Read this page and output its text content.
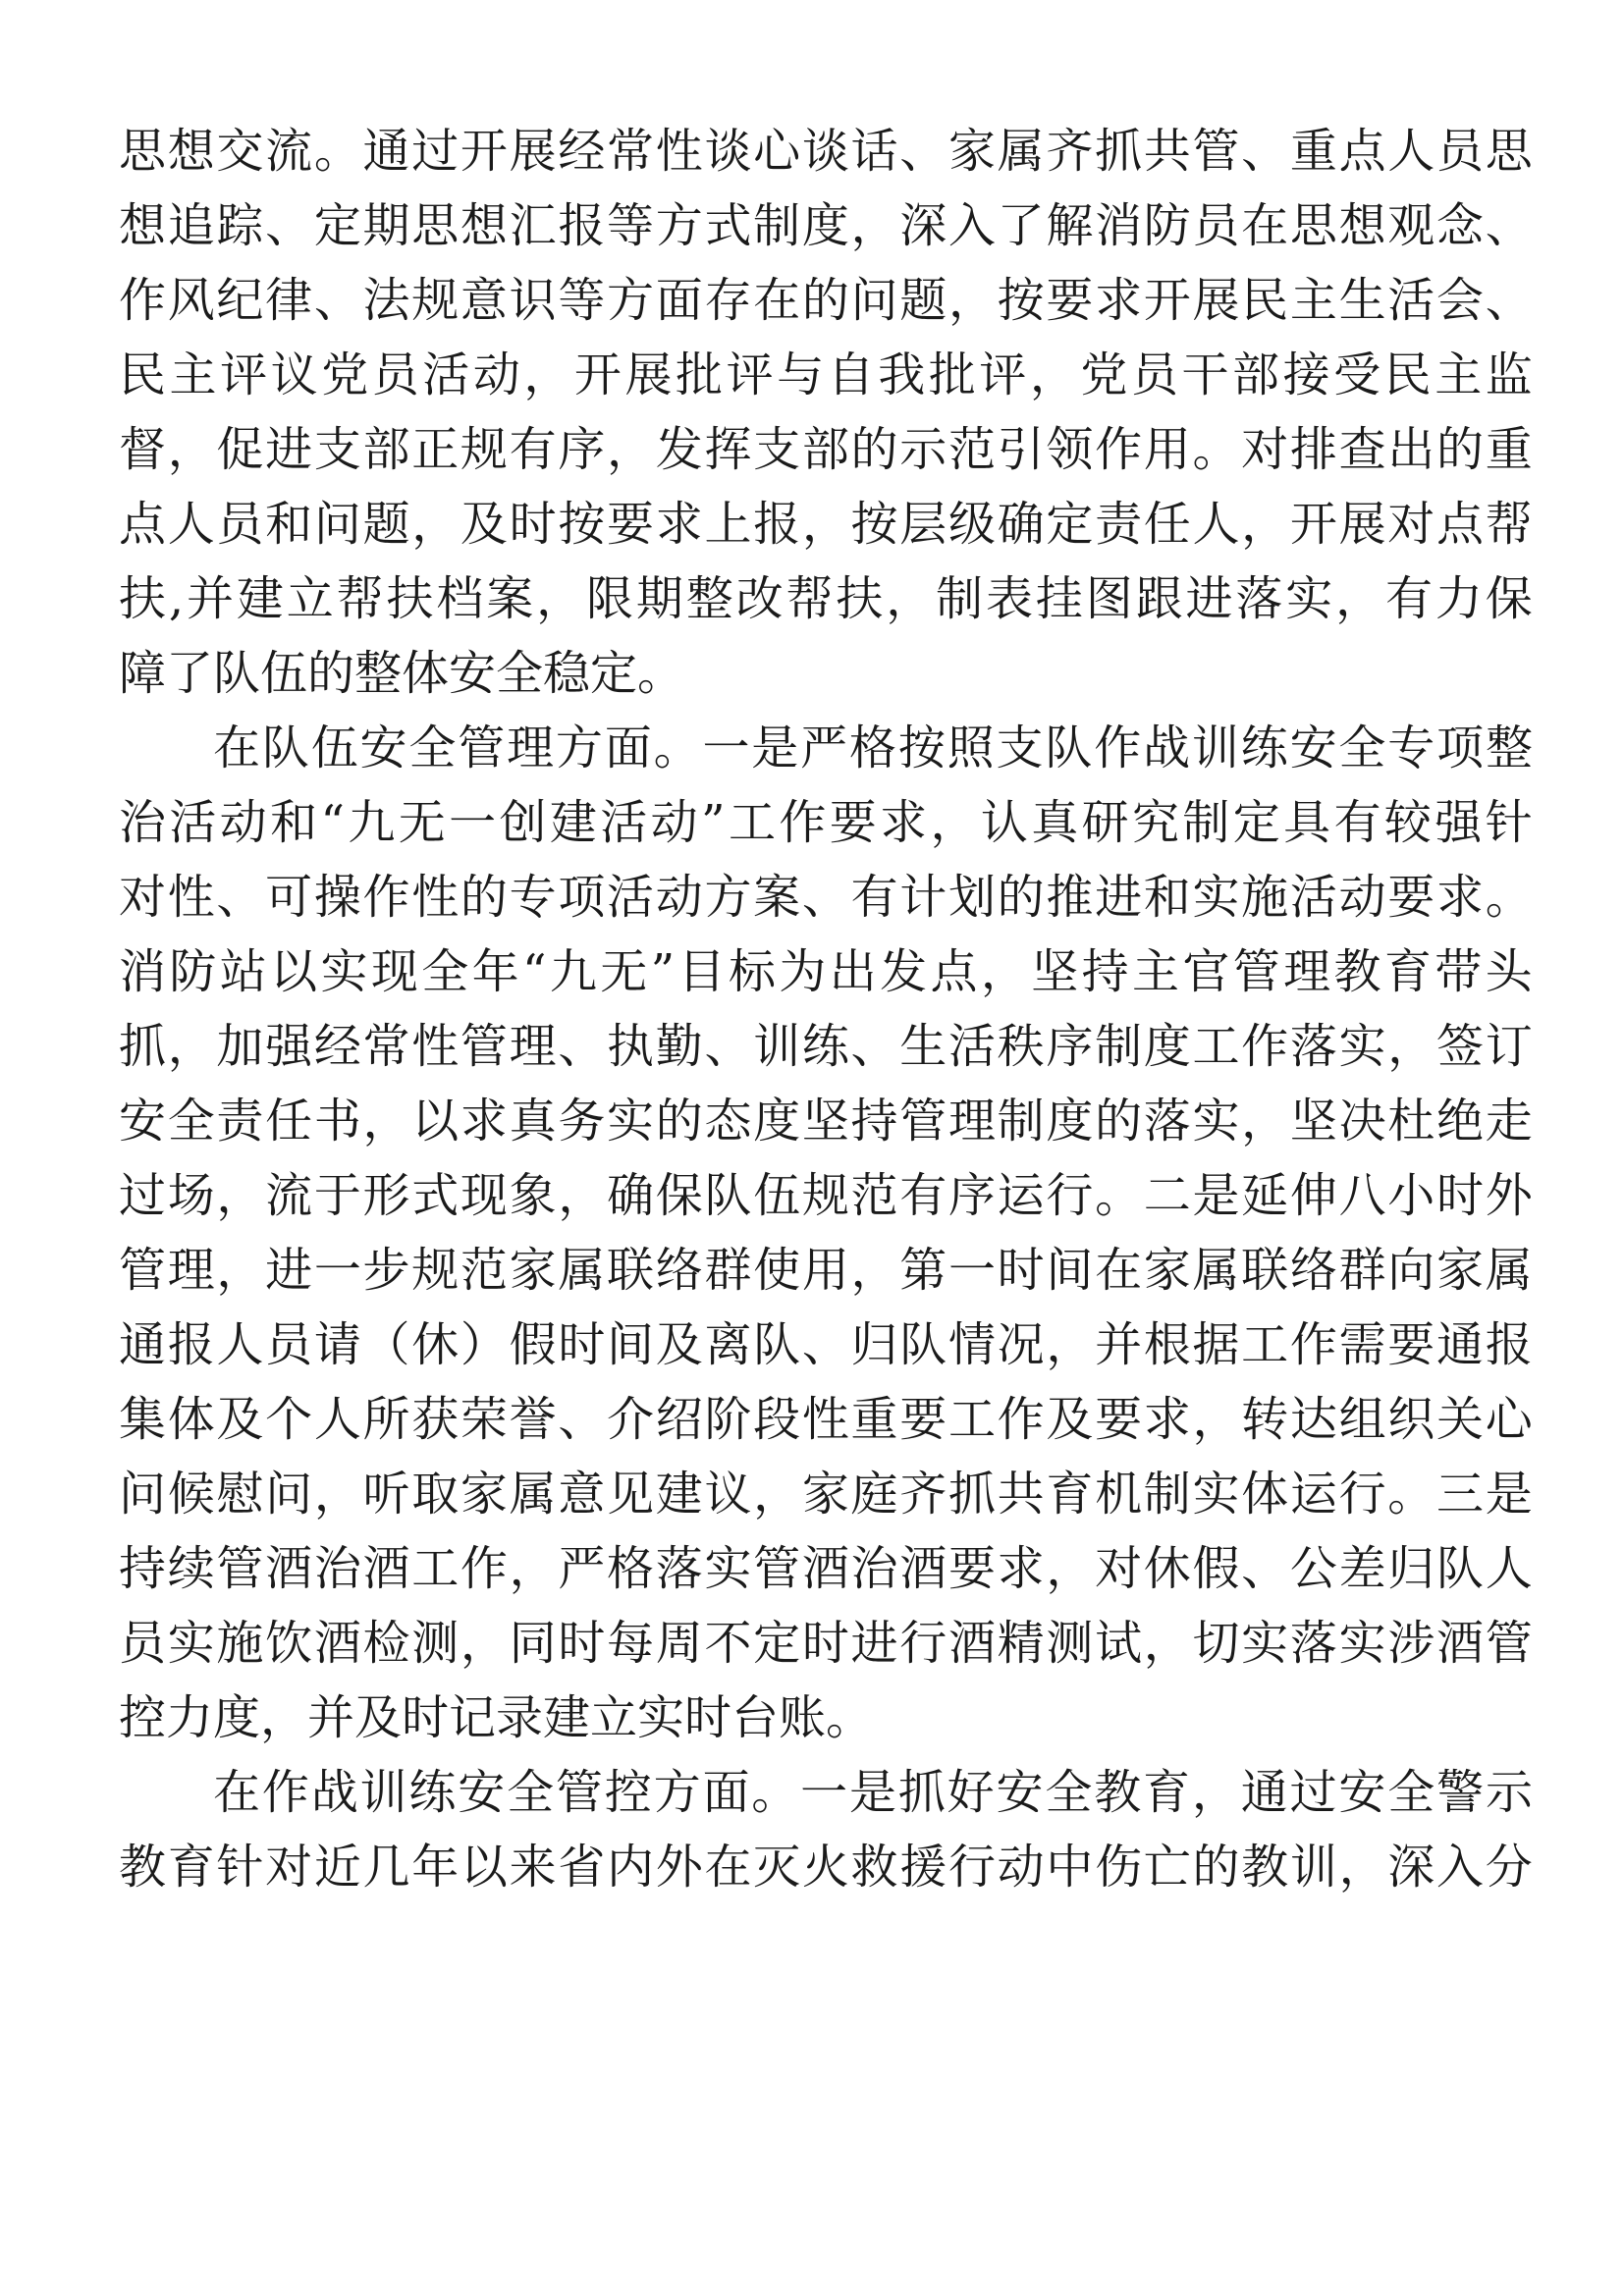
思 想 交 流 。 通 过 开 展 经 常 性 谈 心 谈 话 、 家 属 齐 抓 共 管 、 重 点 人 员 思
想 追 踪 、 定 期 思 想 汇 报 等 方 式 制 度 ， 深 入 了 解 消 防 员 在 思 想 观 念 、
作 风 纪 律 、 法 规 意 识 等 方 面 存 在 的 问 题 ， 按 要 求 开 展 民 主 生 活 会 、
民 主 评 议 党 员 活 动 ， 开 展 批 评 与 自 我 批 评 ， 党 员 干 部 接 受 民 主 监
督 ， 促 进 支 部 正 规 有 序 ， 发 挥 支 部 的 示 范 引 领 作 用 。 对 排 查 出 的 重
点 人 员 和 问 题 ， 及 时 按 要 求 上 报 ， 按 层 级 确 定 责 任 人 ， 开 展 对 点 帮
扶 , 并 建 立 帮 扶 档 案 ， 限 期 整 改 帮 扶 ， 制 表 挂 图 跟 进 落 实 ， 有 力 保
障了队伍的整体安全稳定。
在 队 伍 安 全 管 理 方 面 。 一 是 严 格 按 照 支 队 作 战 训 练 安 全 专 项 整
治 活 动 和 “ 九 无 一 创 建 活 动 ” 工 作 要 求 ， 认 真 研 究 制 定 具 有 较 强 针
对 性 、 可 操 作 性 的 专 项 活 动 方 案 、 有 计 划 的 推 进 和 实 施 活 动 要 求 。
消 防 站 以 实 现 全 年 “ 九 无 ” 目 标 为 出 发 点 ， 坚 持 主 官 管 理 教 育 带 头
抓 ， 加 强 经 常 性 管 理 、 执 勤 、 训 练 、 生 活 秩 序 制 度 工 作 落 实 ， 签 订
安 全 责 任 书 ， 以 求 真 务 实 的 态 度 坚 持 管 理 制 度 的 落 实 ， 坚 决 杜 绝 走
过 场 ， 流 于 形 式 现 象 ， 确 保 队 伍 规 范 有 序 运 行 。 二 是 延 伸 八 小 时 外
管 理 ， 进 一 步 规 范 家 属 联 络 群 使 用 ， 第 一 时 间 在 家 属 联 络 群 向 家 属
通 报 人 员 请 （ 休 ） 假 时 间 及 离 队 、 归 队 情 况 ， 并 根 据 工 作 需 要 通 报
集 体 及 个 人 所 获 荣 誉 、 介 绍 阶 段 性 重 要 工 作 及 要 求 ， 转 达 组 织 关 心
问 候 慰 问 ， 听 取 家 属 意 见 建 议 ， 家 庭 齐 抓 共 育 机 制 实 体 运 行 。 三 是
持 续 管 酒 治 酒 工 作 ， 严 格 落 实 管 酒 治 酒 要 求 ， 对 休 假 、 公 差 归 队 人
员 实 施 饮 酒 检 测 ， 同 时 每 周 不 定 时 进 行 酒 精 测 试 ， 切 实 落 实 涉 酒 管
控力度，并及时记录建立实时台账。
在 作 战 训 练 安 全 管 控 方 面 。 一 是 抓 好 安 全 教 育 ， 通 过 安 全 警 示
教 育 针 对 近 几 年 以 来 省 内 外 在 灭 火 救 援 行 动 中 伤 亡 的 教 训 ， 深 入 分
